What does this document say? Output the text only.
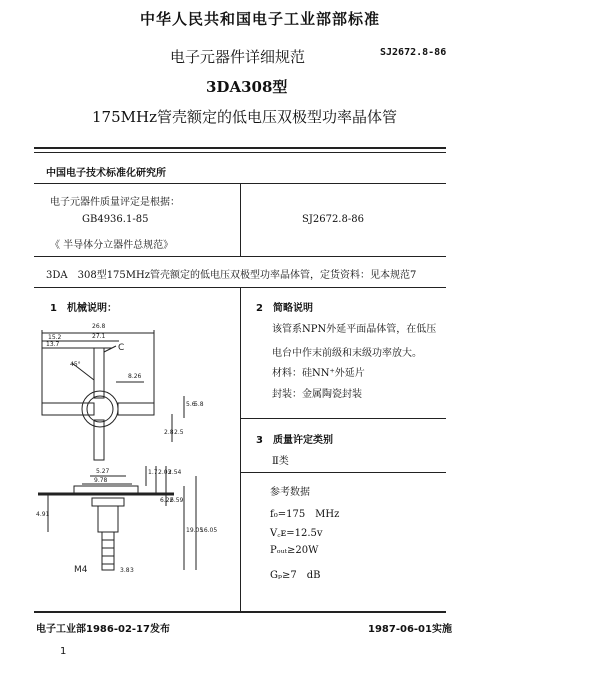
中华人民共和国电子工业部部标准
电子元器件详细规范	SJ2672.8-86
3DA308型
175MHz管壳额定的低电压双极型功率晶体管
中国电子技术标准化研究所
电子元器件质量评定是根据：
GB4936.1-85
《 半导体分立器件总规范》
SJ2672.8-86
3DA　308型175MHz管壳额定的低电压双极型功率晶体管，定货资料：见本规范7
1　机械说明：	2　简略说明
该管系NPN外延平面晶体管，在低压
电台中作末前级和末级功率放大。
材料：硅NN⁺外延片
封装：金属陶瓷封装
3　质量许定类别
Ⅱ类
参考数据
f₀=175　MHz
V꜀ᴇ=12.5v
Pₒᵤₜ≥20W
Gₚ≥7　dB
26.8
27.1
15.2
13.7	C
45°
8.26
5.6
5.8
2.8 2.5
5.27
9.78
1.7 2.03
2.54
6.22
6.59
4.91
19.05
16.05
M4	3.8 3
电子工业部1986-02-17发布	1987-06-01实施
1
